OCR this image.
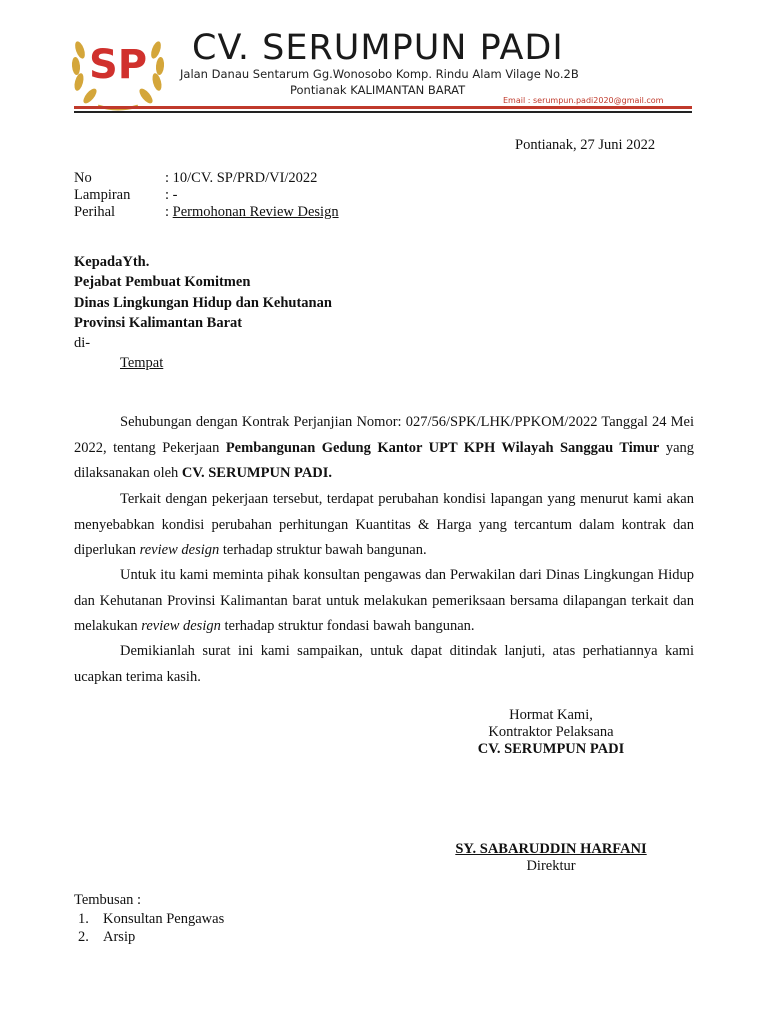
SP CV. SERUMPUN PADI
Jalan Danau Sentarum Gg.Wonosobo Komp. Rindu Alam Vilage No.2B
Pontianak KALIMANTAN BARAT
Email : serumpun.padi2020@gmail.com
Pontianak, 27 Juni 2022
No	: 10/CV. SP/PRD/VI/2022
Lampiran : -
Perihal	: Permohonan Review Design
KepadaYth.
Pejabat Pembuat Komitmen
Dinas Lingkungan Hidup dan Kehutanan
Provinsi Kalimantan Barat
di-
Tempat
Sehubungan dengan Kontrak Perjanjian Nomor: 027/56/SPK/LHK/PPKOM/2022 Tanggal 24 Mei 2022, tentang Pekerjaan Pembangunan Gedung Kantor UPT KPH Wilayah Sanggau Timur yang dilaksanakan oleh CV. SERUMPUN PADI.
Terkait dengan pekerjaan tersebut, terdapat perubahan kondisi lapangan yang menurut kami akan menyebabkan kondisi perubahan perhitungan Kuantitas & Harga yang tercantum dalam kontrak dan diperlukan review design terhadap struktur bawah bangunan.
Untuk itu kami meminta pihak konsultan pengawas dan Perwakilan dari Dinas Lingkungan Hidup dan Kehutanan Provinsi Kalimantan barat untuk melakukan pemeriksaan bersama dilapangan terkait dan melakukan review design terhadap struktur fondasi bawah bangunan.
Demikianlah surat ini kami sampaikan, untuk dapat ditindak lanjuti, atas perhatiannya kami ucapkan terima kasih.
Hormat Kami,
Kontraktor Pelaksana
CV. SERUMPUN PADI
SY. SABARUDDIN HARFANI
Direktur
Tembusan :
1. Konsultan Pengawas
2. Arsip
